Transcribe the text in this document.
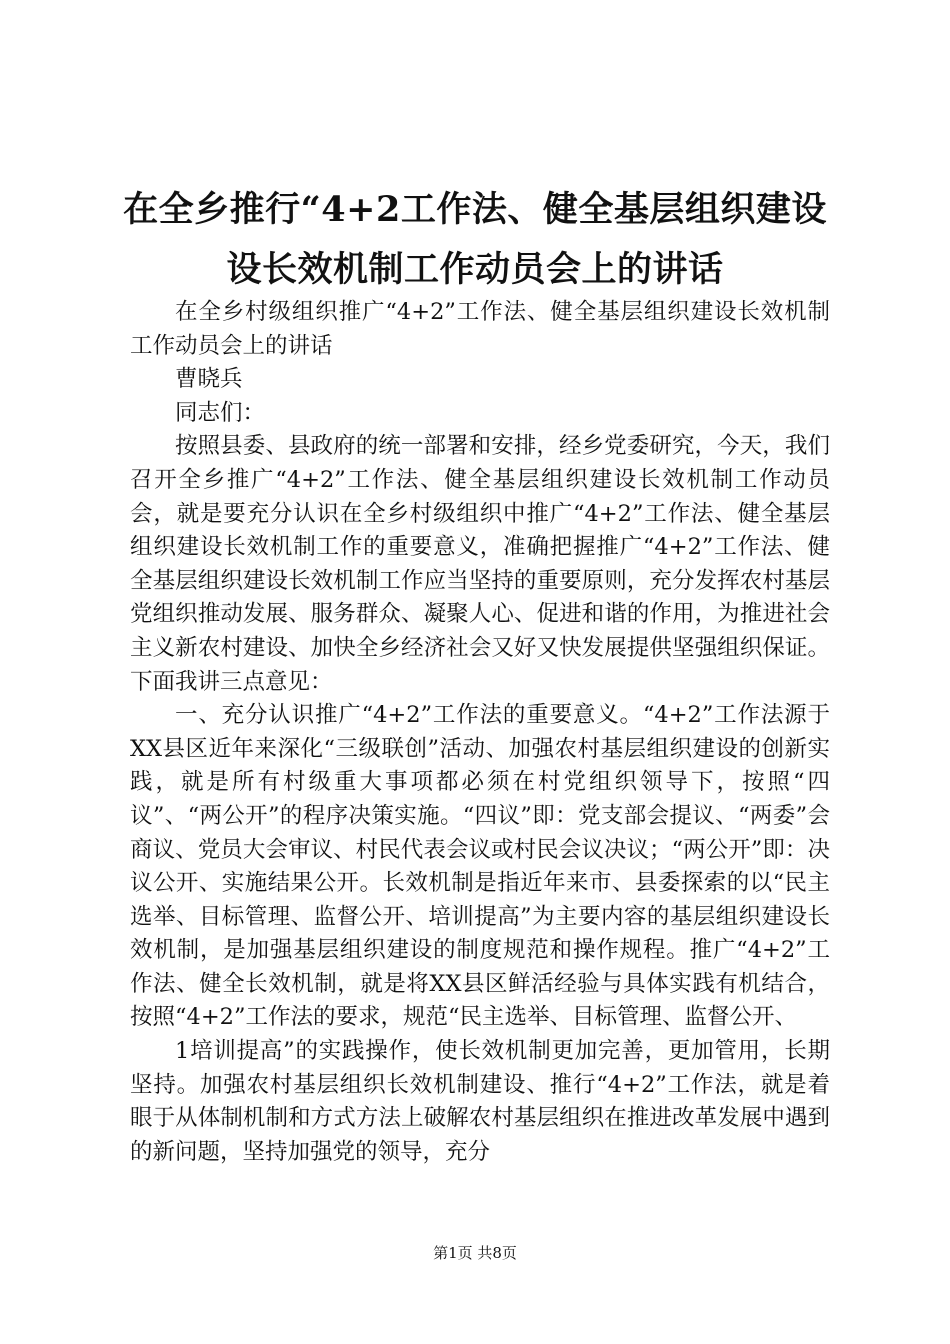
在全乡推行“4+2工作法、健全基层组织建设
设长效机制工作动员会上的讲话

在全乡村级组织推广“4+2”工作法、健全基层组织建设长效机制工作动员会上的讲话

曹晓兵

同志们：

按照县委、县政府的统一部署和安排，经乡党委研究，今天，我们召开全乡推广“4+2”工作法、健全基层组织建设长效机制工作动员会，就是要充分认识在全乡村级组织中推广“4+2”工作法、健全基层组织建设长效机制工作的重要意义，准确把握推广“4+2”工作法、健全基层组织建设长效机制工作应当坚持的重要原则，充分发挥农村基层党组织推动发展、服务群众、凝聚人心、促进和谐的作用，为推进社会主义新农村建设、加快全乡经济社会又好又快发展提供坚强组织保证。下面我讲三点意见：

一、充分认识推广“4+2”工作法的重要意义。“4+2”工作法源于XX县区近年来深化“三级联创”活动、加强农村基层组织建设的创新实践，就是所有村级重大事项都必须在村党组织领导下，按照“四议”、“两公开”的程序决策实施。“四议”即：党支部会提议、“两委”会商议、党员大会审议、村民代表会议或村民会议决议；“两公开”即：决议公开、实施结果公开。长效机制是指近年来市、县委探索的以“民主选举、目标管理、监督公开、培训提高”为主要内容的基层组织建设长效机制，是加强基层组织建设的制度规范和操作规程。推广“4+2”工作法、健全长效机制，就是将XX县区鲜活经验与具体实践有机结合，按照“4+2”工作法的要求，规范“民主选举、目标管理、监督公开、

1培训提高”的实践操作，使长效机制更加完善，更加管用，长期坚持。加强农村基层组织长效机制建设、推行“4+2”工作法，就是着眼于从体制机制和方式方法上破解农村基层组织在推进改革发展中遇到的新问题，坚持加强党的领导，充分

第1页 共8页
